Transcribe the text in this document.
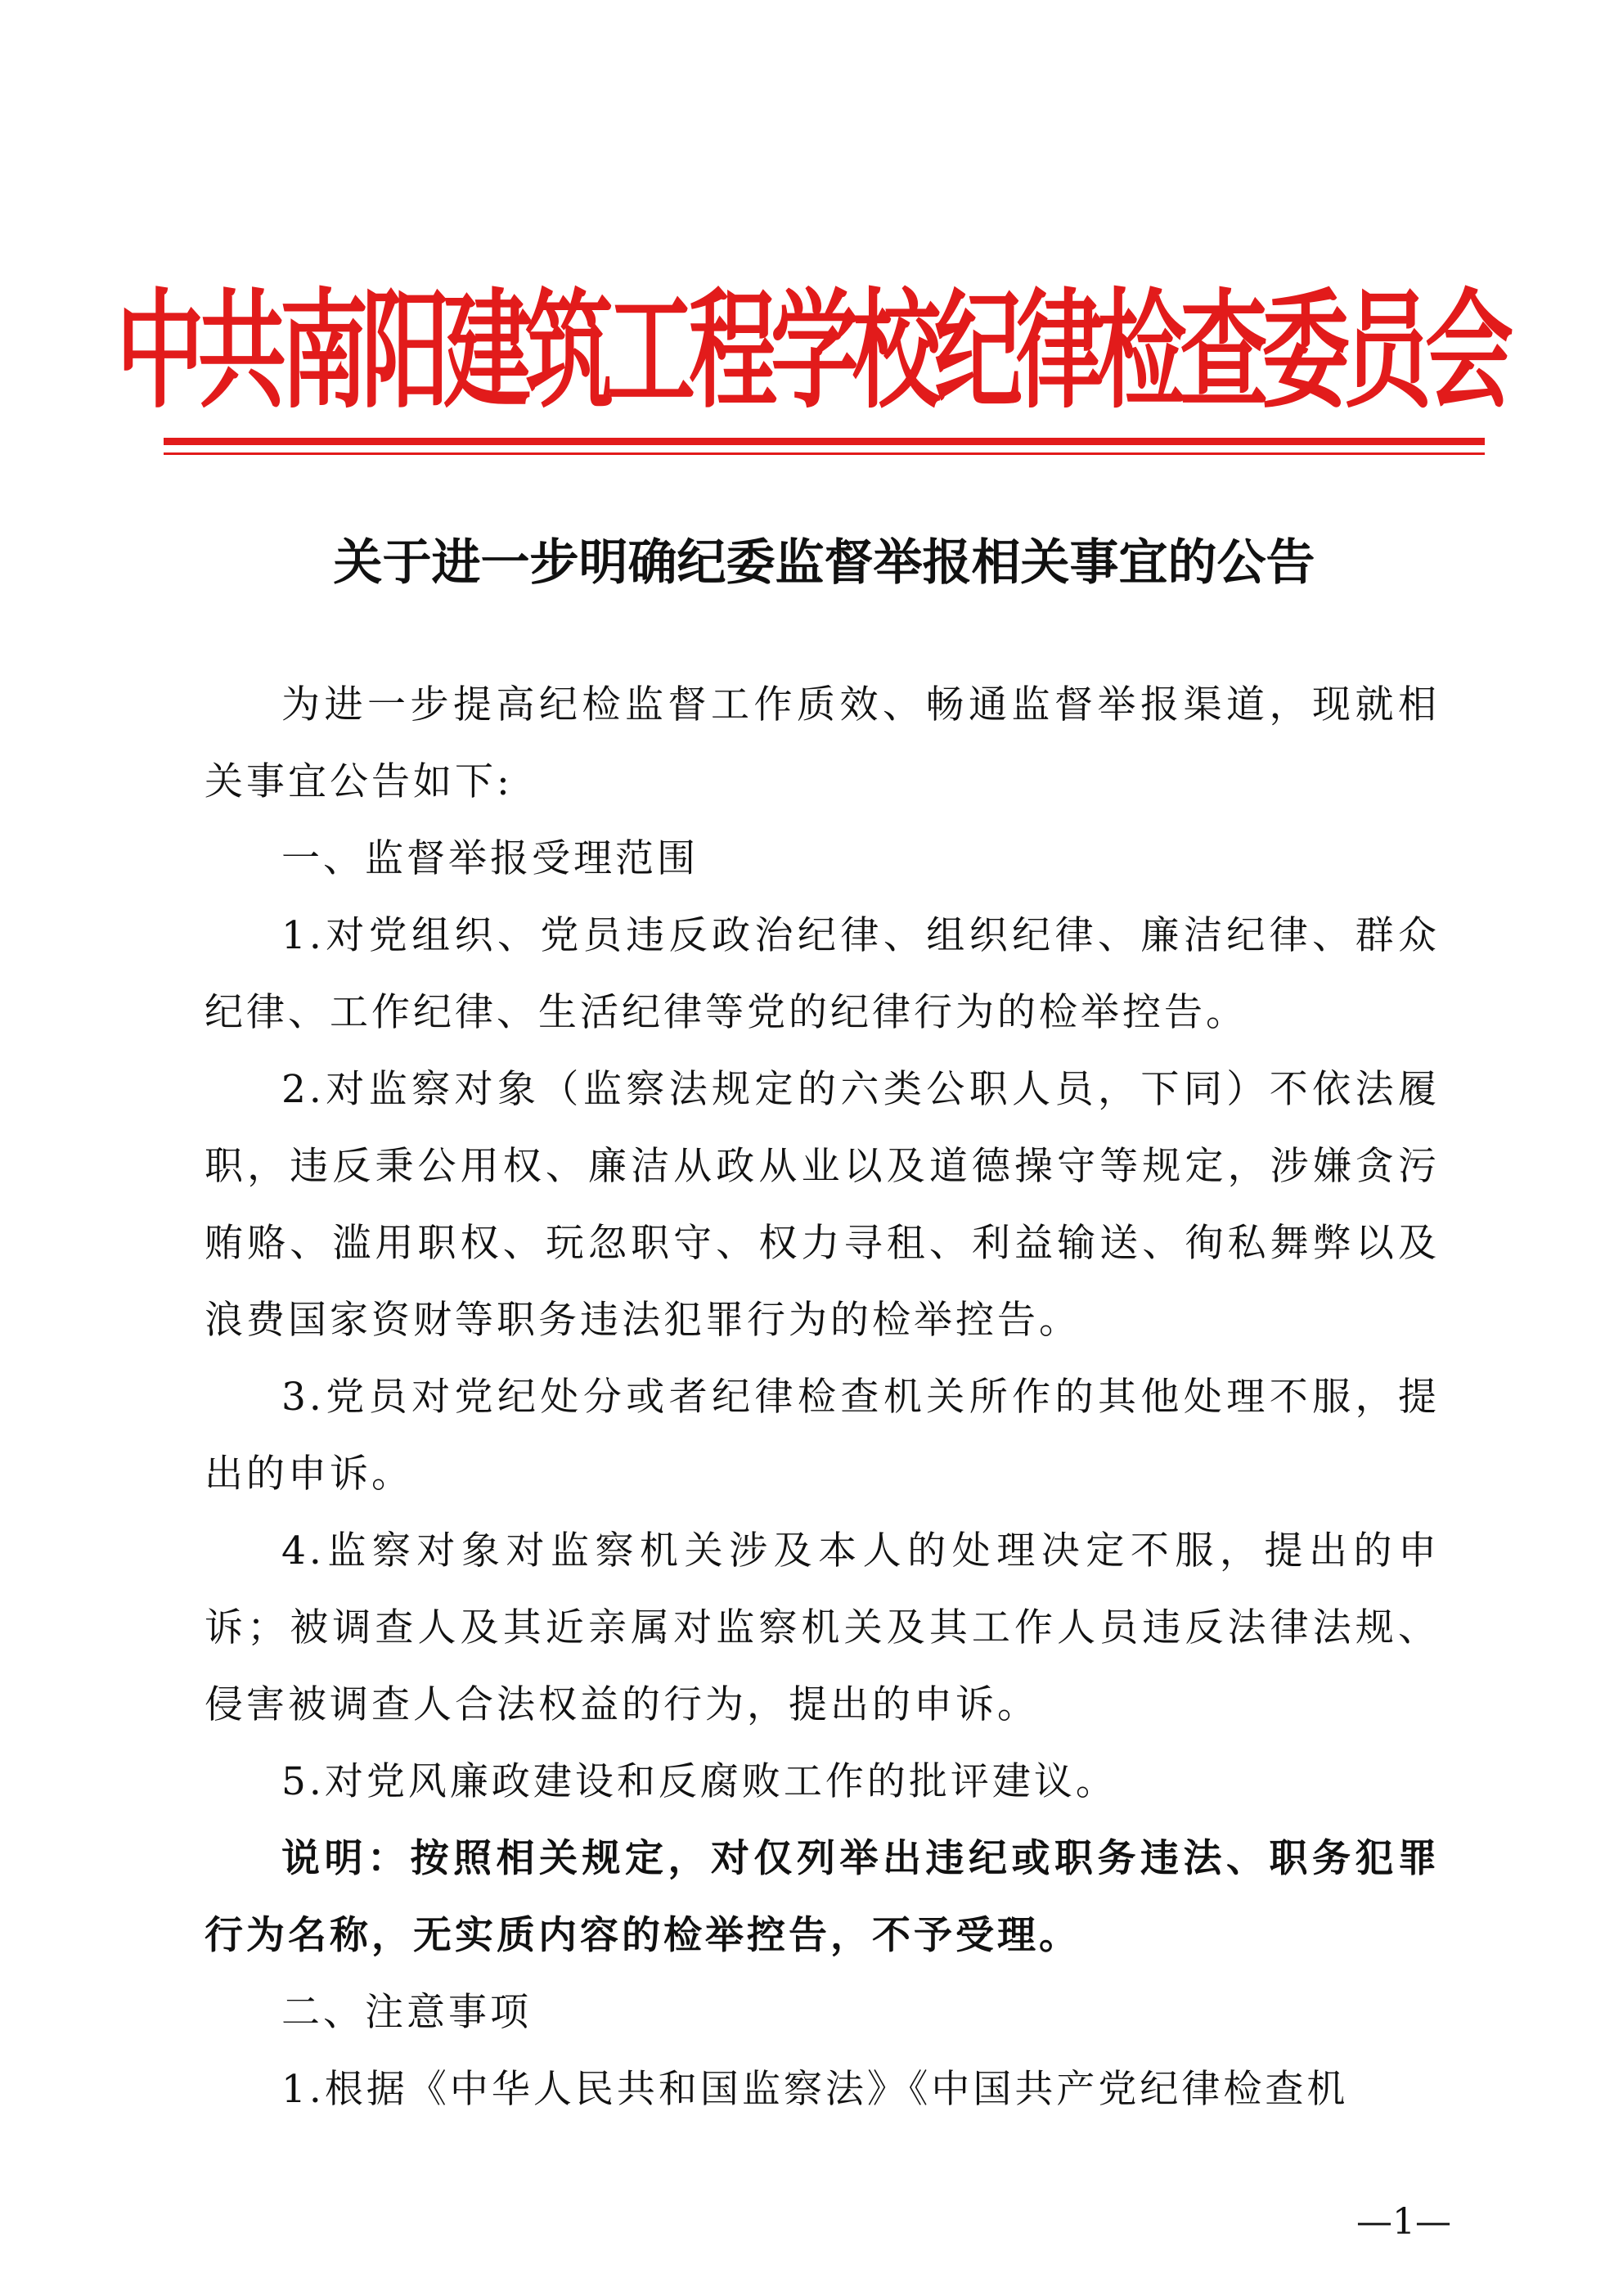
中共南阳建筑工程学校纪律检查委员会
关于进一步明确纪委监督举报相关事宜的公告

为进一步提高纪检监督工作质效、畅通监督举报渠道，现就相关事宜公告如下:

一、监督举报受理范围

1.对党组织、党员违反政治纪律、组织纪律、廉洁纪律、群众纪律、工作纪律、生活纪律等党的纪律行为的检举控告。

2.对监察对象（监察法规定的六类公职人员，下同）不依法履职，违反秉公用权、廉洁从政从业以及道德操守等规定，涉嫌贪污贿赂、滥用职权、玩忽职守、权力寻租、利益输送、徇私舞弊以及浪费国家资财等职务违法犯罪行为的检举控告。

3.党员对党纪处分或者纪律检查机关所作的其他处理不服，提出的申诉。

4.监察对象对监察机关涉及本人的处理决定不服，提出的申诉；被调查人及其近亲属对监察机关及其工作人员违反法律法规、侵害被调查人合法权益的行为，提出的申诉。

5.对党风廉政建设和反腐败工作的批评建议。

说明：按照相关规定，对仅列举出违纪或职务违法、职务犯罪行为名称，无实质内容的检举控告，不予受理。

二、注意事项

1.根据《中华人民共和国监察法》《中国共产党纪律检查机

—1—
